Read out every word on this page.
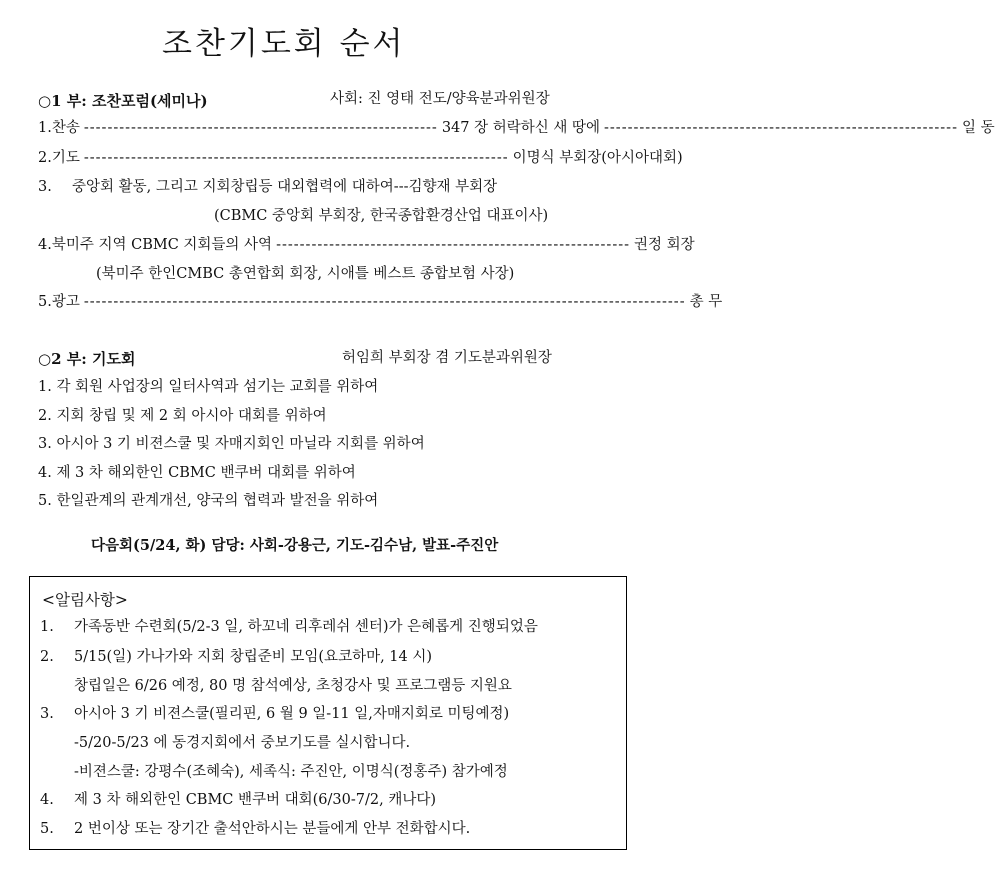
조찬기도회 순서
○1 부: 조찬포럼(세미나)	사회: 진 영태 전도/양육분과위원장
1. 찬송 ------------------------------------------------------------ 347 장 허락하신 새 땅에 ------------------------------------------------------------ 일 동
2. 기도 ------------------------------------------------------------------------ 이명식 부회장(아시아대회)
3.	중앙회 활동, 그리고 지회창립등 대외협력에 대하여---김향재 부회장
(CBMC 중앙회 부회장, 한국종합환경산업 대표이사)
4. 북미주 지역 CBMC 지회들의 사역 ------------------------------------------------------------ 권정 회장
(북미주 한인CMBC 총연합회 회장, 시애틀 베스트 종합보험 사장)
5. 광고 ------------------------------------------------------------------------------------------------------ 총 무
○2 부: 기도회	허임희 부회장 겸 기도분과위원장
1. 각 회원 사업장의 일터사역과 섬기는 교회를 위하여
2. 지회 창립 및 제 2 회 아시아 대회를 위하여
3. 아시아 3 기 비젼스쿨 및 자매지회인 마닐라 지회를 위하여
4. 제 3 차 해외한인 CBMC 밴쿠버 대회를 위하여
5. 한일관계의 관계개선, 양국의 협력과 발전을 위하여
다음회(5/24, 화) 담당: 사회-강용근, 기도-김수남, 발표-주진안
<알림사항>
1.	가족동반 수련회(5/2-3 일, 하꼬네 리후레쉬 센터)가 은혜롭게 진행되었음
2.	5/15(일) 가나가와 지회 창립준비 모임(요코하마, 14 시)
창립일은 6/26 예정, 80 명 참석예상, 초청강사 및 프로그램등 지원요
3.	아시아 3 기 비젼스쿨(필리핀, 6 월 9 일-11 일,자매지회로 미팅예정)
-5/20-5/23 에 동경지회에서 중보기도를 실시합니다.
-비젼스쿨: 강평수(조혜숙), 세족식: 주진안, 이명식(정홍주) 참가예정
4.	제 3 차 해외한인 CBMC 밴쿠버 대회(6/30-7/2, 캐나다)
5.	2 번이상 또는 장기간 출석안하시는 분들에게 안부 전화합시다.
